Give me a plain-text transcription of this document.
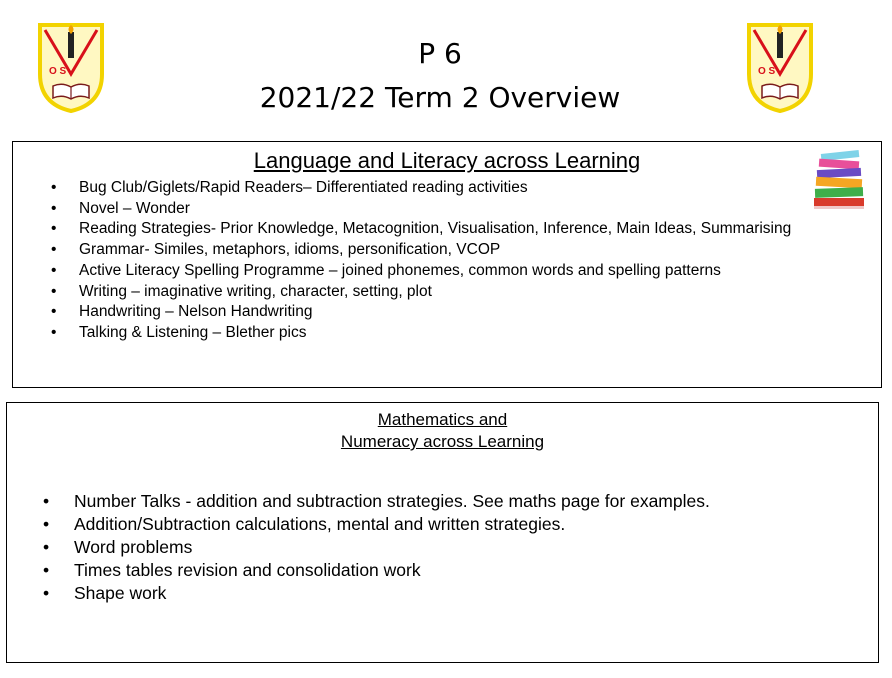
O S	O S
P 6
2021/22 Term 2 Overview
Language and Literacy across Learning
• Bug Club/Giglets/Rapid Readers– Differentiated reading activities
• Novel – Wonder
• Reading Strategies- Prior Knowledge, Metacognition, Visualisation, Inference, Main Ideas, Summarising
• Grammar- Similes, metaphors, idioms, personification, VCOP
• Active Literacy Spelling Programme – joined phonemes, common words and spelling patterns
• Writing – imaginative writing, character, setting, plot
• Handwriting – Nelson Handwriting
• Talking & Listening – Blether pics
Mathematics and
Numeracy across Learning
• Number Talks - addition and subtraction strategies. See maths page for examples.
• Addition/Subtraction calculations, mental and written strategies.
• Word problems
• Times tables revision and consolidation work
• Shape work
